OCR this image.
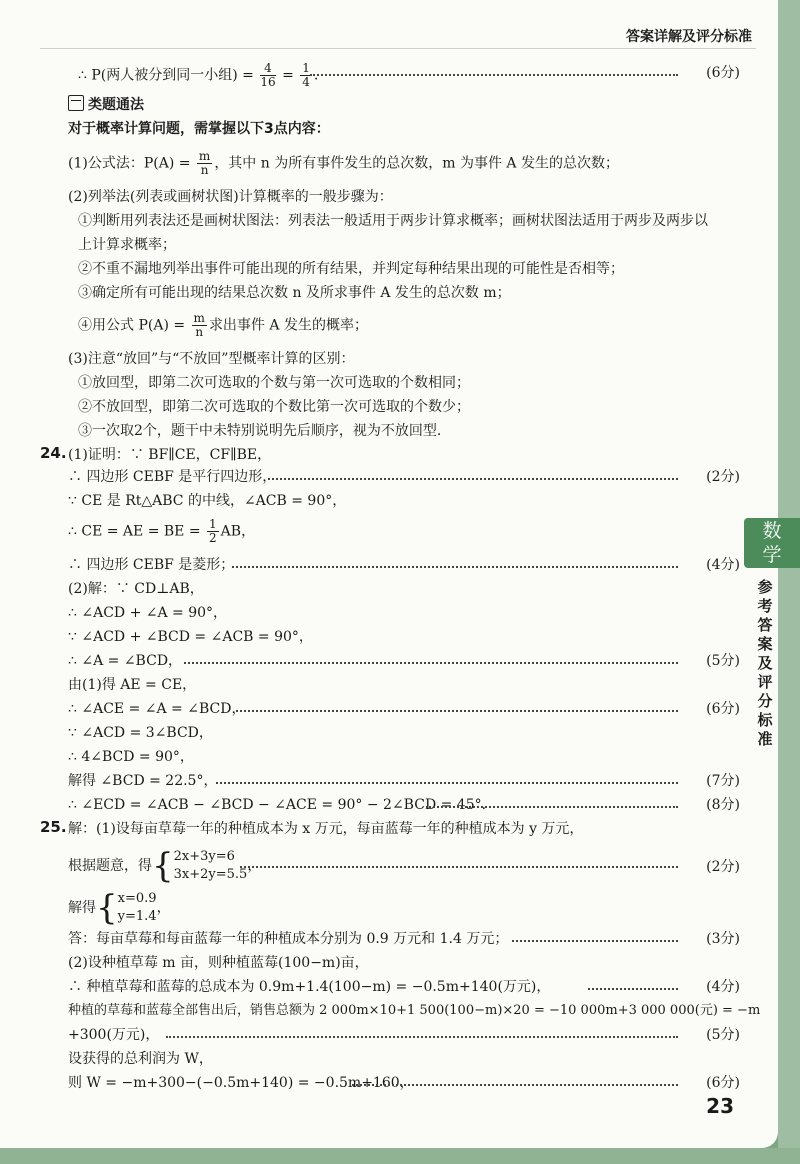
答案详解及评分标准
∴ P(两人被分到同一小组) = $\frac{4}{16} = \frac{1}{4}$ .	(6分)
类题通法
对于概率计算问题，需掌握以下3点内容：
(1)公式法：$P(A) = \frac{m}{n}$ ，其中 n 为所有事件发生的总次数，m 为事件 A 发生的总次数；
(2)列举法(列表或画树状图)计算概率的一般步骤为：
①判断用列表法还是画树状图法：列表法一般适用于两步计算求概率；画树状图法适用于两步及两步以
上计算求概率；
②不重不漏地列举出事件可能出现的所有结果，并判定每种结果出现的可能性是否相等；
③确定所有可能出现的结果总次数 n 及所求事件 A 发生的总次数 m；
④用公式 $P(A) = \frac{m}{n}$ 求出事件 A 发生的概率；
(3)注意“放回”与“不放回”型概率计算的区别：
①放回型，即第二次可选取的个数与第一次可选取的个数相同；
②不放回型，即第二次可选取的个数比第一次可选取的个数少；
③一次取2个，题干中未特别说明先后顺序，视为不放回型.
24. (1)证明：∵ BF∥CE，CF∥BE，
∴ 四边形 CEBF 是平行四边形，	(2分)
∵ CE 是 Rt△ABC 的中线，∠ACB = 90°，
∴ CE = AE = BE = $\frac{1}{2}$ AB，
∴ 四边形 CEBF 是菱形；	(4分)
(2)解：∵ CD⊥AB，
∴ ∠ACD + ∠A = 90°，
∵ ∠ACD + ∠BCD = ∠ACB = 90°，
∴ ∠A = ∠BCD，	(5分)
由(1)得 AE = CE，
∴ ∠ACE = ∠A = ∠BCD，	(6分)
∵ ∠ACD = 3∠BCD，
∴ 4∠BCD = 90°，
解得 ∠BCD = 22.5°，	(7分)
∴ ∠ECD = ∠ACB − ∠BCD − ∠ACE = 90° − 2∠BCD = 45°.	(8分)
25. 解：(1)设每亩草莓一年的种植成本为 x 万元，每亩蓝莓一年的种植成本为 y 万元，
根据题意，得{ 2x+3y=6
3x+2y=5.5
，	(2分)
解得{ x=0.9
y=1.4
，
答：每亩草莓和每亩蓝莓一年的种植成本分别为 0.9 万元和 1.4 万元；	(3分)
(2)设种植草莓 m 亩，则种植蓝莓(100−m)亩，
∴ 种植草莓和蓝莓的总成本为 0.9m+1.4(100−m) = −0.5m+140(万元)，	(4分)
种植的草莓和蓝莓全部售出后，销售总额为 2 000m×10+1 500(100−m)×20 = −10 000m+3 000 000(元) = −m
+300(万元)，	(5分)
设获得的总利润为 W，
则 W = −m+300−(−0.5m+140) = −0.5m+160，	(6分)
23
数学
参
考
答
案
及
评
分
标
准
